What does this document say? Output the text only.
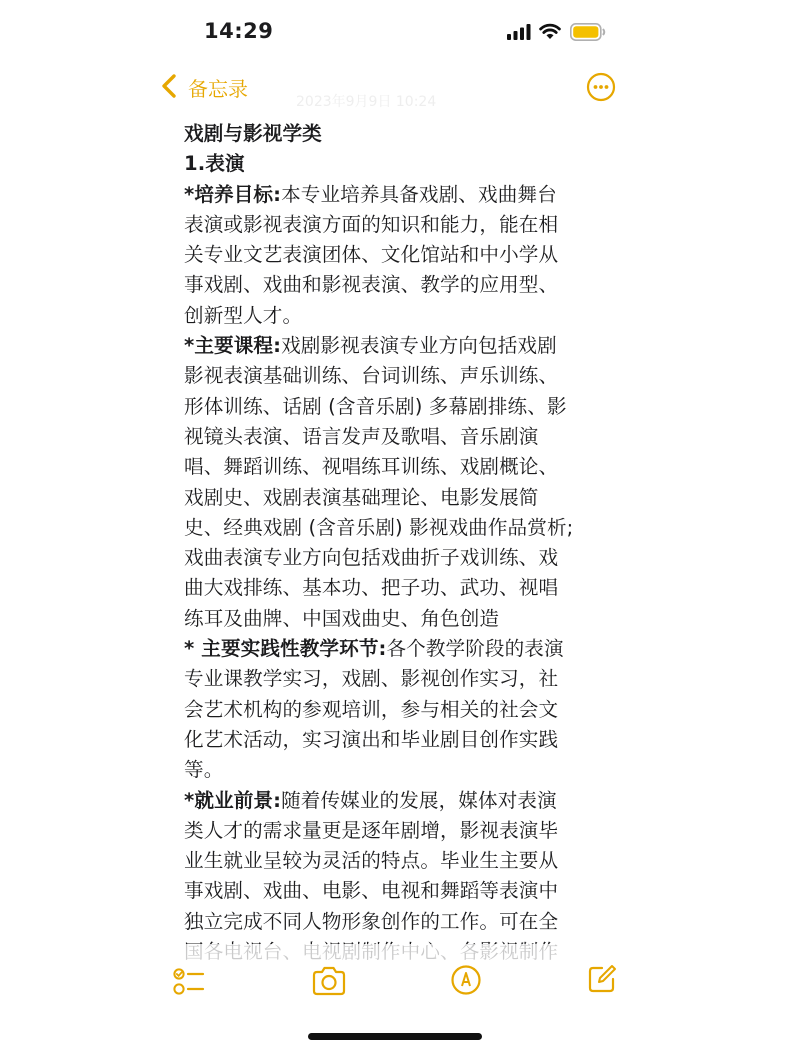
14:29
备忘录
2023年9月9日 10:24
戏剧与影视学类
1.表演
*培养目标:本专业培养具备戏剧、戏曲舞台
表演或影视表演方面的知识和能力，能在相
关专业文艺表演团体、文化馆站和中小学从
事戏剧、戏曲和影视表演、教学的应用型、
创新型人才。
*主要课程:戏剧影视表演专业方向包括戏剧
影视表演基础训练、台词训练、声乐训练、
形体训练、话剧 (含音乐剧) 多幕剧排练、影
视镜头表演、语言发声及歌唱、音乐剧演
唱、舞蹈训练、视唱练耳训练、戏剧概论、
戏剧史、戏剧表演基础理论、电影发展简
史、经典戏剧 (含音乐剧) 影视戏曲作品赏析;
戏曲表演专业方向包括戏曲折子戏训练、戏
曲大戏排练、基本功、把子功、武功、视唱
练耳及曲牌、中国戏曲史、角色创造
* 主要实践性教学环节:各个教学阶段的表演
专业课教学实习，戏剧、影视创作实习，社
会艺术机构的参观培训，参与相关的社会文
化艺术活动，实习演出和毕业剧目创作实践
等。
*就业前景:随着传媒业的发展，媒体对表演
类人才的需求量更是逐年剧增，影视表演毕
业生就业呈较为灵活的特点。毕业生主要从
事戏剧、戏曲、电影、电视和舞蹈等表演中
独立完成不同人物形象创作的工作。可在全
